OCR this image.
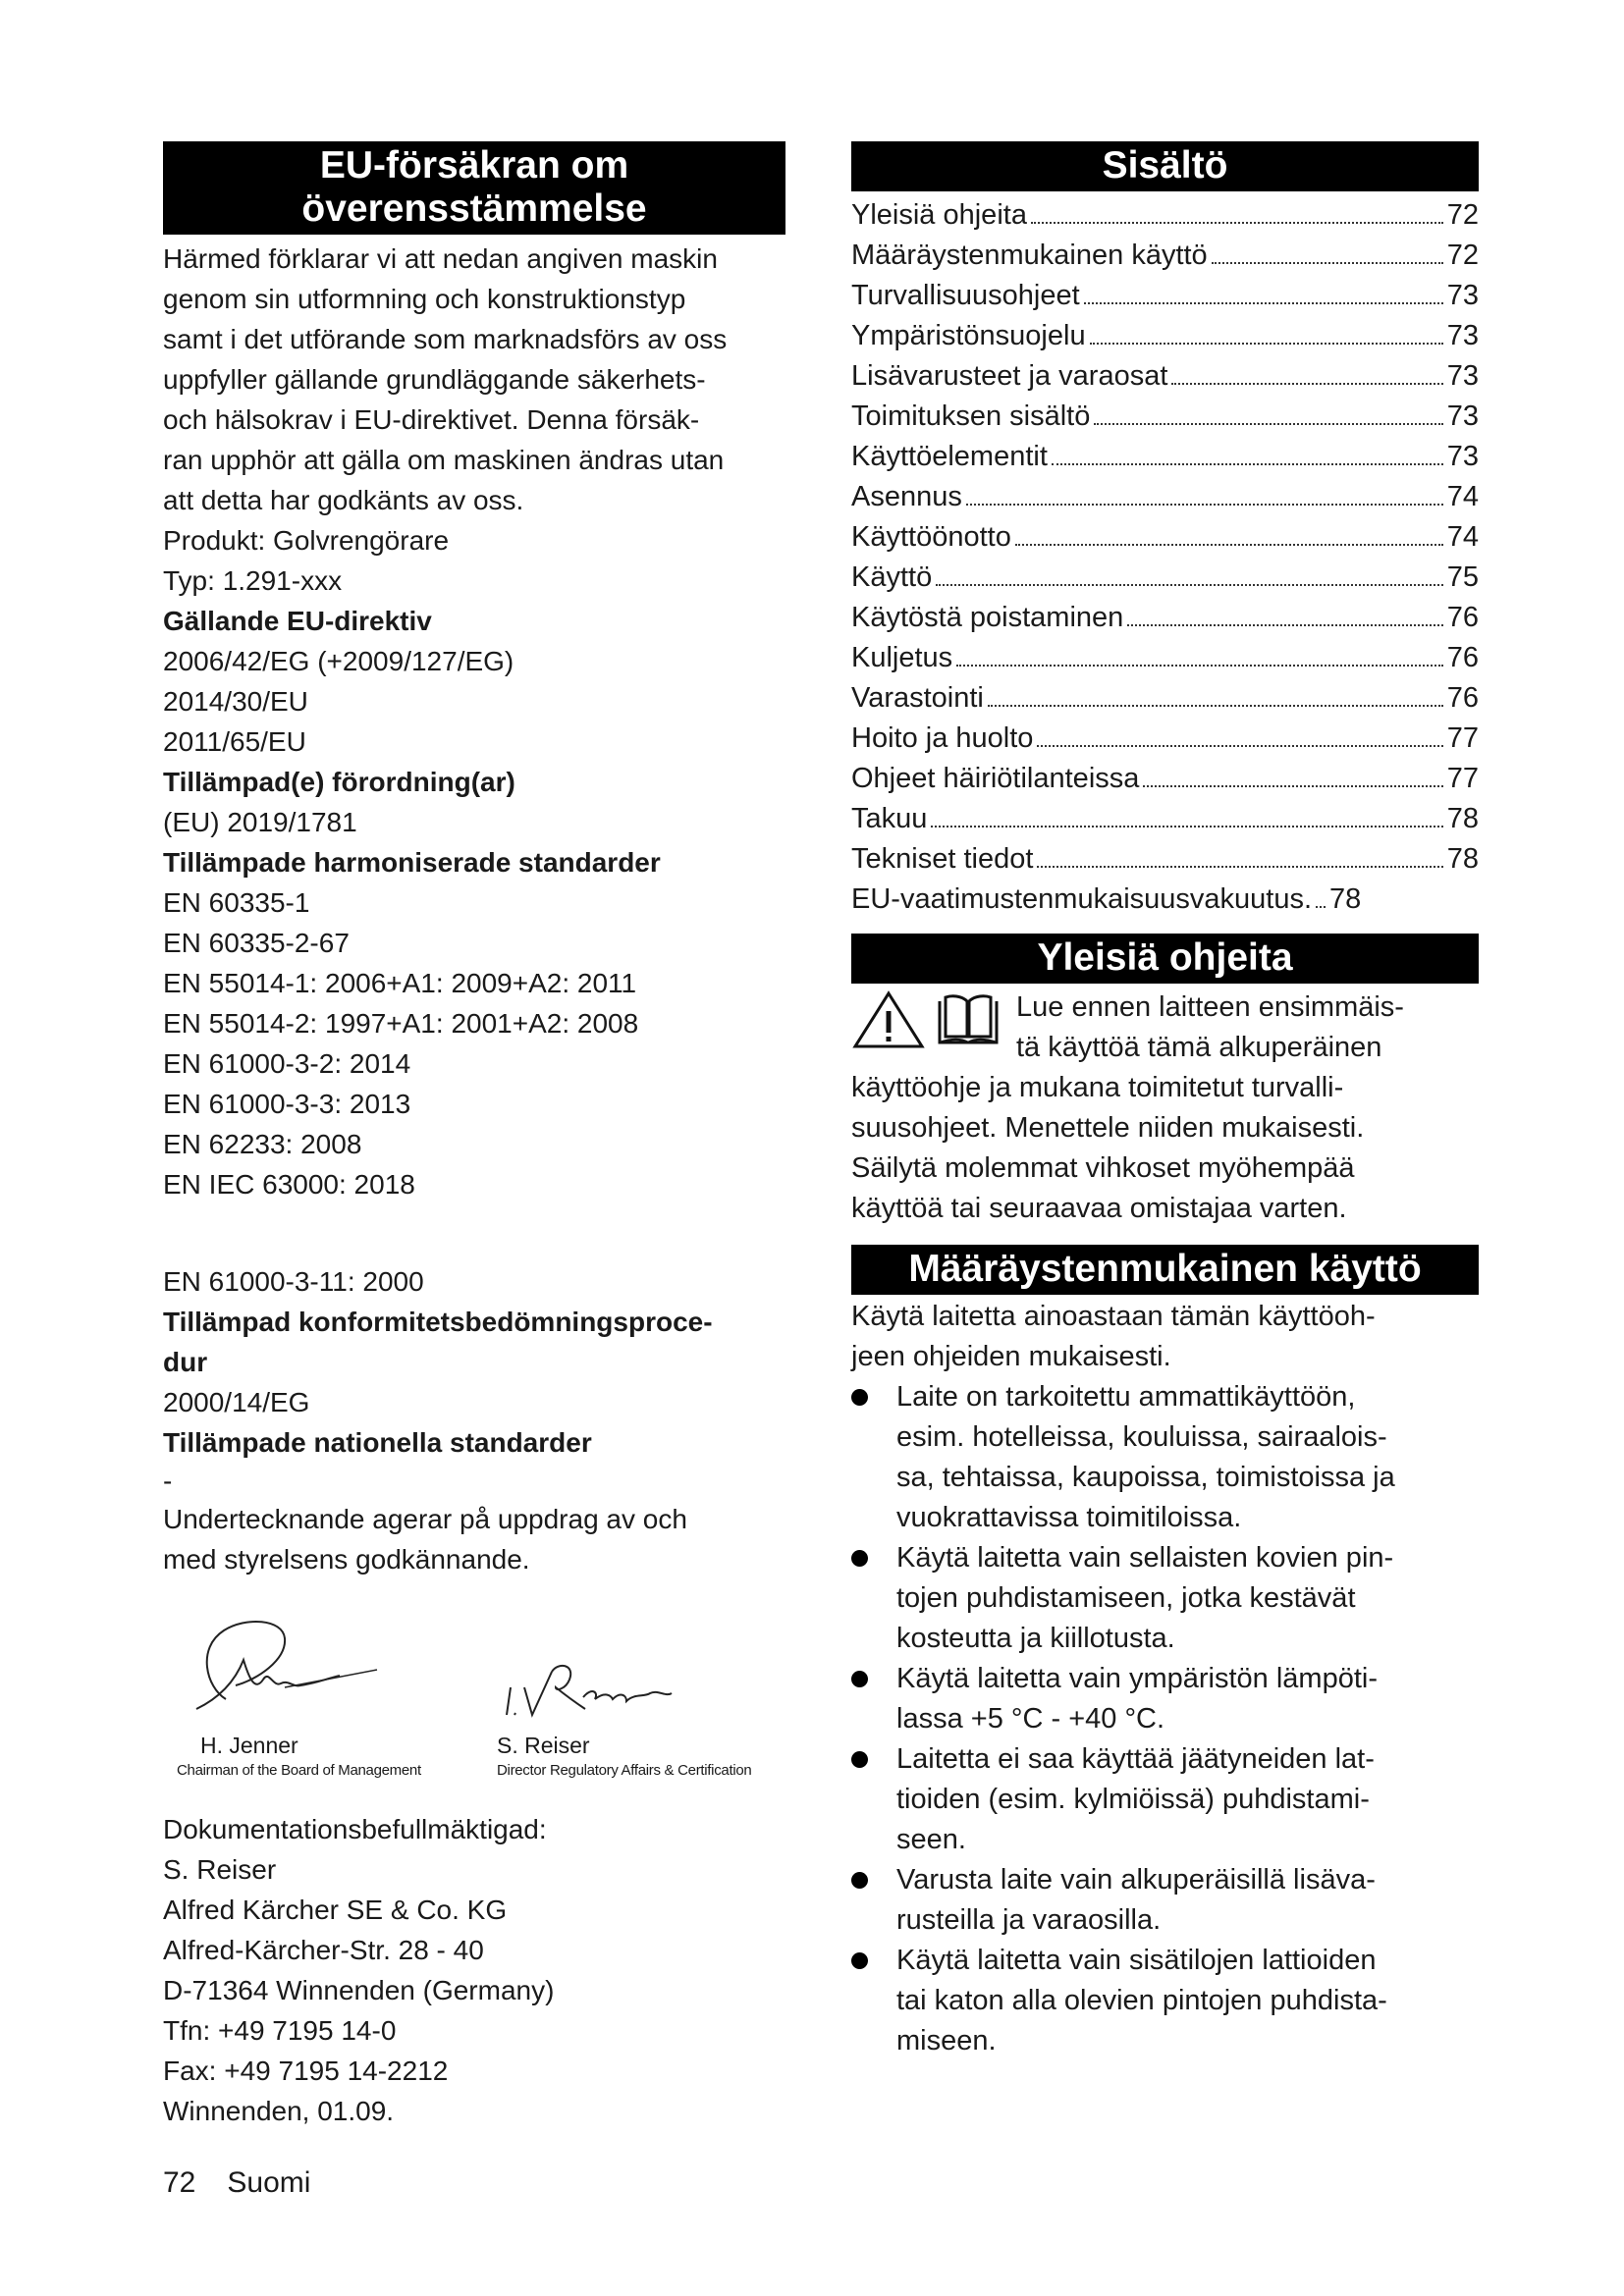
EU-försäkran om överensstämmelse

Härmed förklarar vi att nedan angiven maskin

genom sin utformning och konstruktionstyp

samt i det utförande som marknadsförs av oss

uppfyller gällande grundläggande säkerhets-

och hälsokrav i EU-direktivet. Denna försäk-

ran upphör att gälla om maskinen ändras utan

att detta har godkänts av oss.

Produkt: Golvrengörare

Typ: 1.291-xxx

Gällande EU-direktiv

2006/42/EG (+2009/127/EG)

2014/30/EU

2011/65/EU

Tillämpad(e) förordning(ar)

(EU) 2019/1781

Tillämpade harmoniserade standarder

EN 60335-1

EN 60335-2-67

EN 55014-1: 2006+A1: 2009+A2: 2011

EN 55014-2: 1997+A1: 2001+A2: 2008

EN 61000-3-2: 2014

EN 61000-3-3: 2013

EN 62233: 2008

EN IEC 63000: 2018

EN 61000-3-11: 2000

Tillämpad konformitetsbedömningsproce-

dur

2000/14/EG

Tillämpade nationella standarder

-

Undertecknande agerar på uppdrag av och

med styrelsens godkännande.

H. Jenner
Chairman of the Board of Management
S. Reiser
Director Regulatory Affairs & Certification

Dokumentationsbefullmäktigad:

S. Reiser

Alfred Kärcher SE & Co. KG

Alfred-Kärcher-Str. 28 - 40

D-71364 Winnenden (Germany)

Tfn: +49 7195 14-0

Fax: +49 7195 14-2212

Winnenden, 01.09.

Sisältö
Yleisiä ohjeita	72
Määräystenmukainen käyttö	72
Turvallisuusohjeet	73
Ympäristönsuojelu	73
Lisävarusteet ja varaosat	73
Toimituksen sisältö	73
Käyttöelementit	73
Asennus	74
Käyttöönotto	74
Käyttö	75
Käytöstä poistaminen	76
Kuljetus	76
Varastointi	76
Hoito ja huolto	77
Ohjeet häiriötilanteissa	77
Takuu	78
Tekniset tiedot	78
EU-vaatimustenmukaisuusvakuutus. 78
Yleisiä ohjeita

Lue ennen laitteen ensimmäis-

tä käyttöä tämä alkuperäinen

käyttöohje ja mukana toimitetut turvalli-

suusohjeet. Menettele niiden mukaisesti.

Säilytä molemmat vihkoset myöhempää

käyttöä tai seuraavaa omistajaa varten.

Määräystenmukainen käyttö

Käytä laitetta ainoastaan tämän käyttöoh-

jeen ohjeiden mukaisesti.

Laite on tarkoitettu ammattikäyttöön,
esim. hotelleissa, kouluissa, sairaalois-
sa, tehtaissa, kaupoissa, toimistoissa ja
vuokrattavissa toimitiloissa.
Käytä laitetta vain sellaisten kovien pin-
tojen puhdistamiseen, jotka kestävät
kosteutta ja kiillotusta.
Käytä laitetta vain ympäristön lämpöti-
lassa +5 °C - +40 °C.
Laitetta ei saa käyttää jäätyneiden lat-
tioiden (esim. kylmiöissä) puhdistami-
seen.
Varusta laite vain alkuperäisillä lisäva-
rusteilla ja varaosilla.
Käytä laitetta vain sisätilojen lattioiden
tai katon alla olevien pintojen puhdista-
miseen.
72 Suomi
